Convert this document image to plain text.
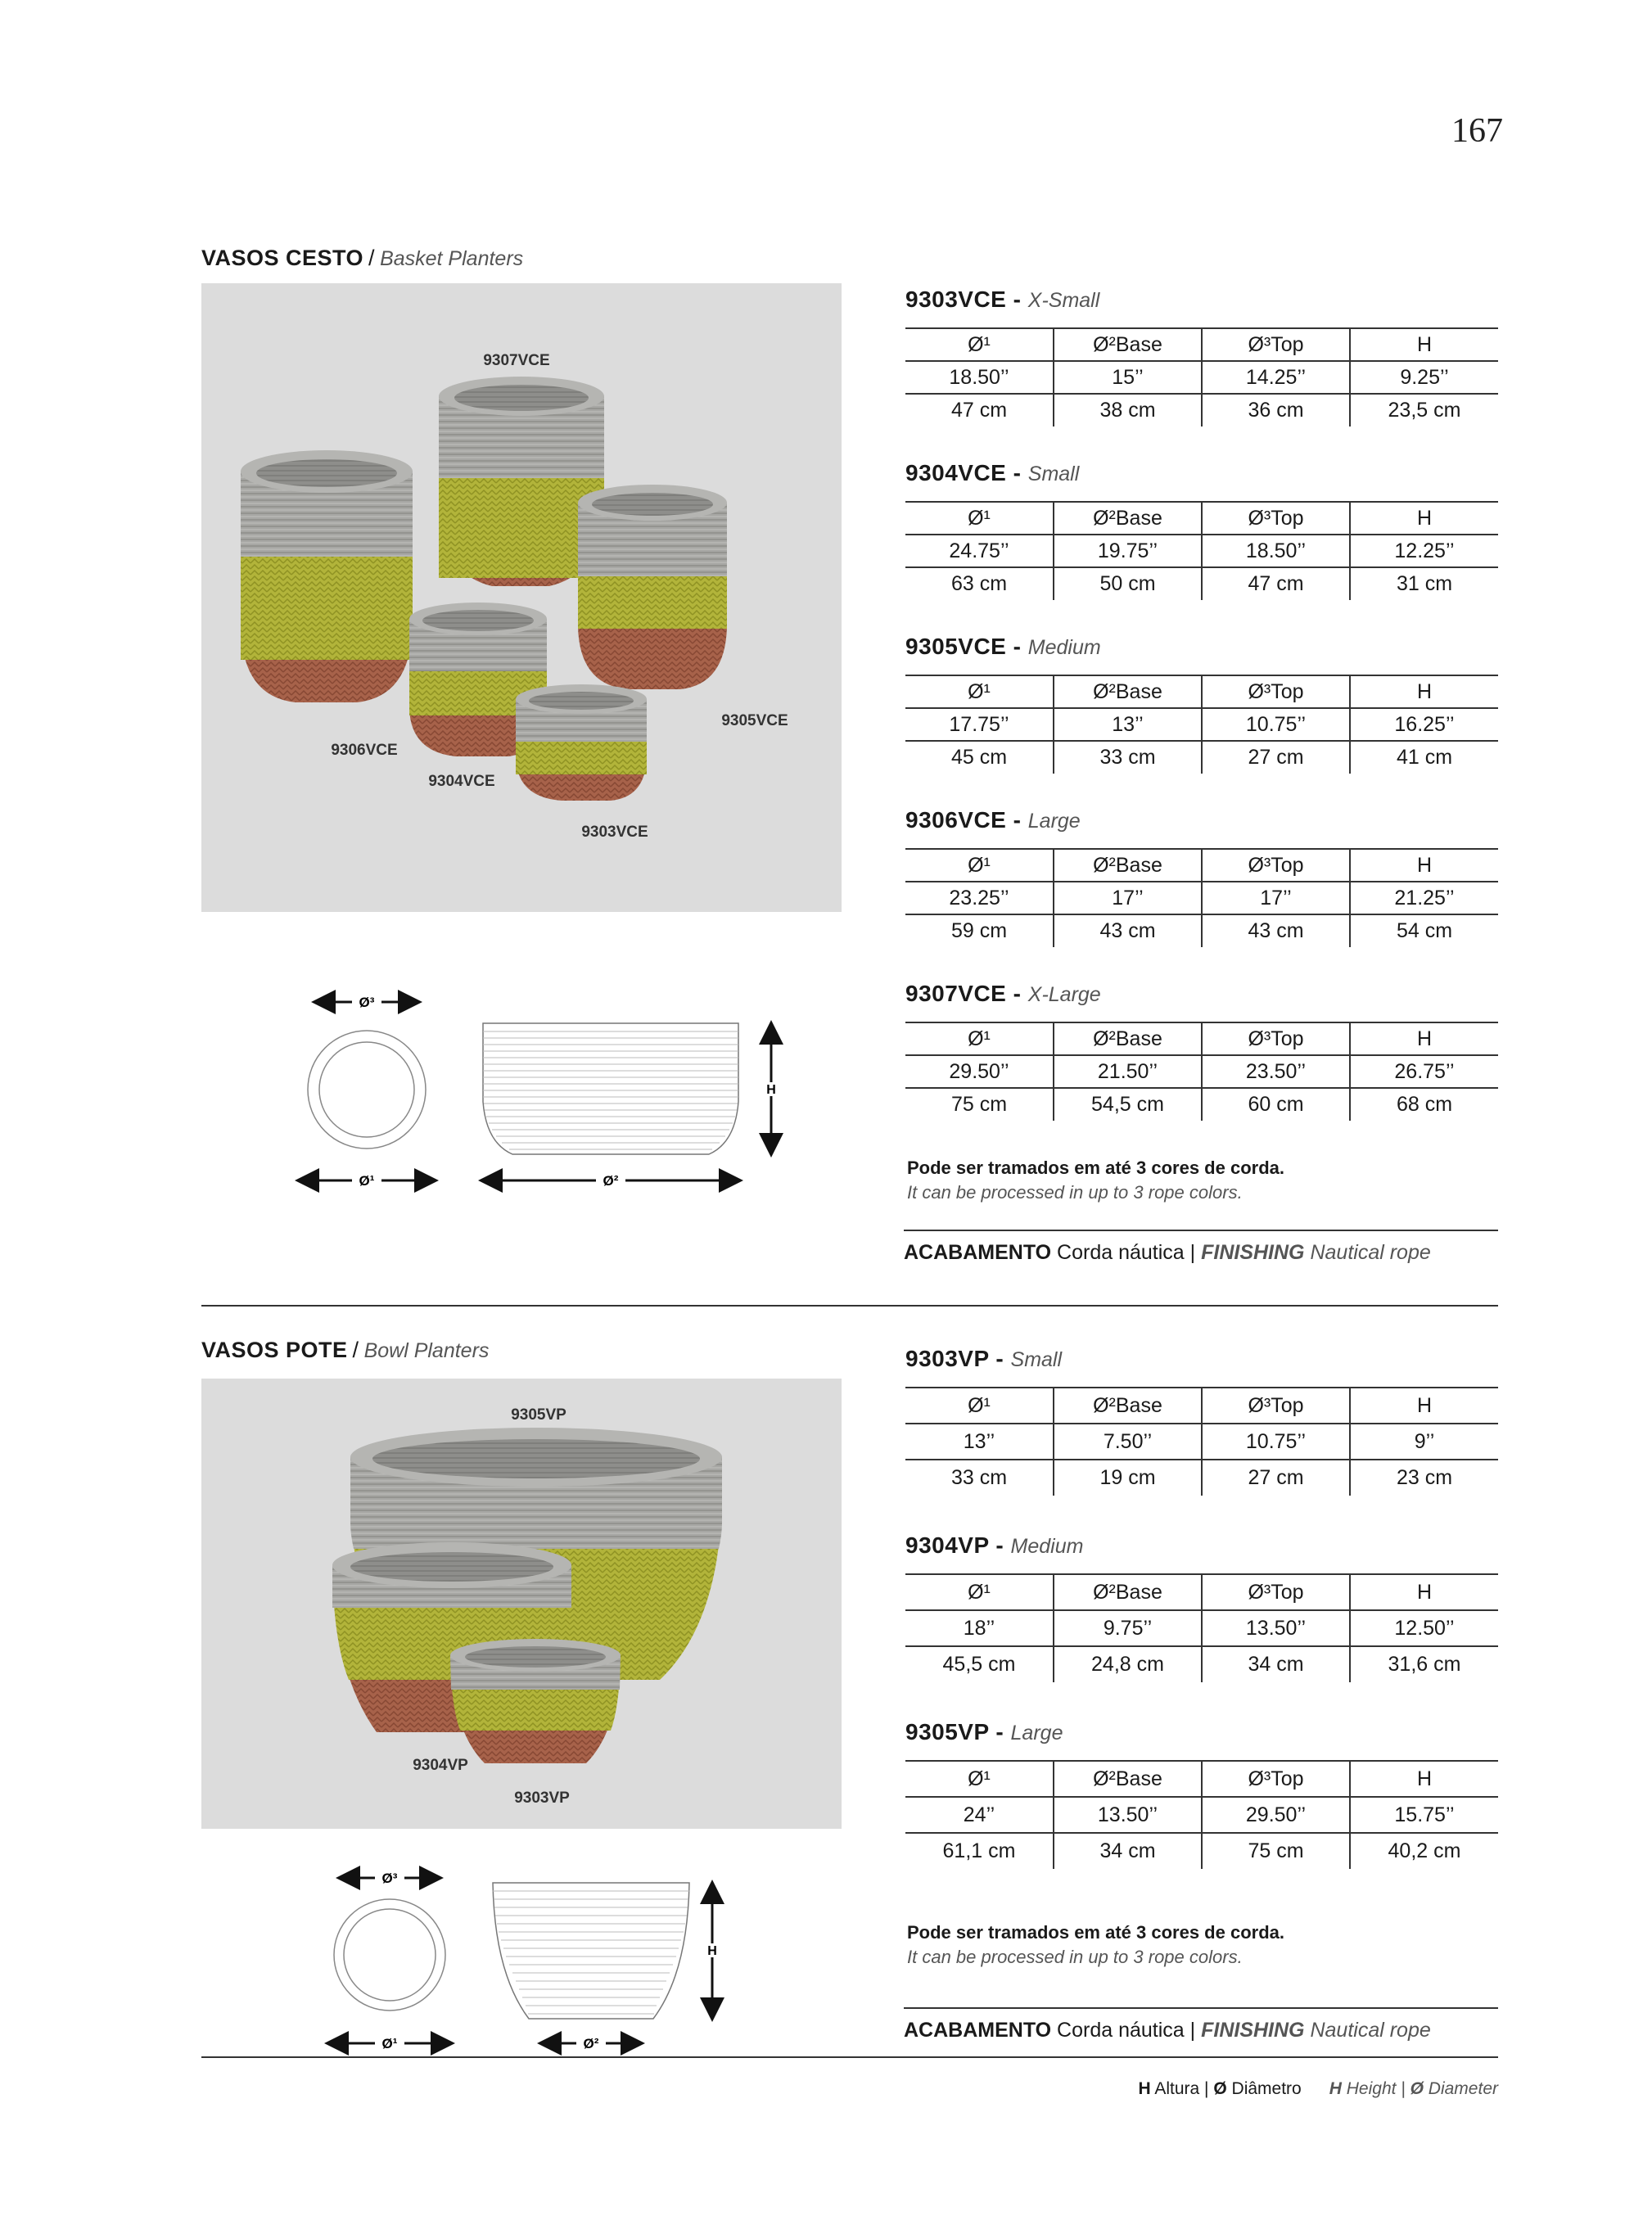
167
VASOS CESTO / Basket Planters
9307VCE
9305VCE
9306VCE
9304VCE
9303VCE
Ø³
Ø¹
H
Ø²
9303VCE - X-Small
Ø¹	Ø²Base	Ø³Top	H
18.50’’	15’’	14.25’’	9.25’’
47 cm	38 cm	36 cm	23,5 cm
9304VCE - Small
Ø¹	Ø²Base	Ø³Top	H
24.75’’	19.75’’	18.50’’	12.25’’
63 cm	50 cm	47 cm	31 cm
9305VCE - Medium
Ø¹	Ø²Base	Ø³Top	H
17.75’’	13’’	10.75’’	16.25’’
45 cm	33 cm	27 cm	41 cm
9306VCE - Large
Ø¹	Ø²Base	Ø³Top	H
23.25’’	17’’	17’’	21.25’’
59 cm	43 cm	43 cm	54 cm
9307VCE - X-Large
Ø¹	Ø²Base	Ø³Top	H
29.50’’	21.50’’	23.50’’	26.75’’
75 cm	54,5 cm	60 cm	68 cm
Pode ser tramados em até 3 cores de corda.
It can be processed in up to 3 rope colors.
ACABAMENTO Corda náutica | FINISHING Nautical rope
VASOS POTE / Bowl Planters
9305VP
9304VP
9303VP
Ø³
Ø¹
H
Ø²
9303VP - Small
Ø¹	Ø²Base	Ø³Top	H
13’’	7.50’’	10.75’’	9’’
33 cm	19 cm	27 cm	23 cm
9304VP - Medium
Ø¹	Ø²Base	Ø³Top	H
18’’	9.75’’	13.50’’	12.50’’
45,5 cm	24,8 cm	34 cm	31,6 cm
9305VP - Large
Ø¹	Ø²Base	Ø³Top	H
24’’	13.50’’	29.50’’	15.75’’
61,1 cm	34 cm	75 cm	40,2 cm
Pode ser tramados em até 3 cores de corda.
It can be processed in up to 3 rope colors.
ACABAMENTO Corda náutica | FINISHING Nautical rope
H Altura | Ø Diâmetro H Height | Ø Diameter
